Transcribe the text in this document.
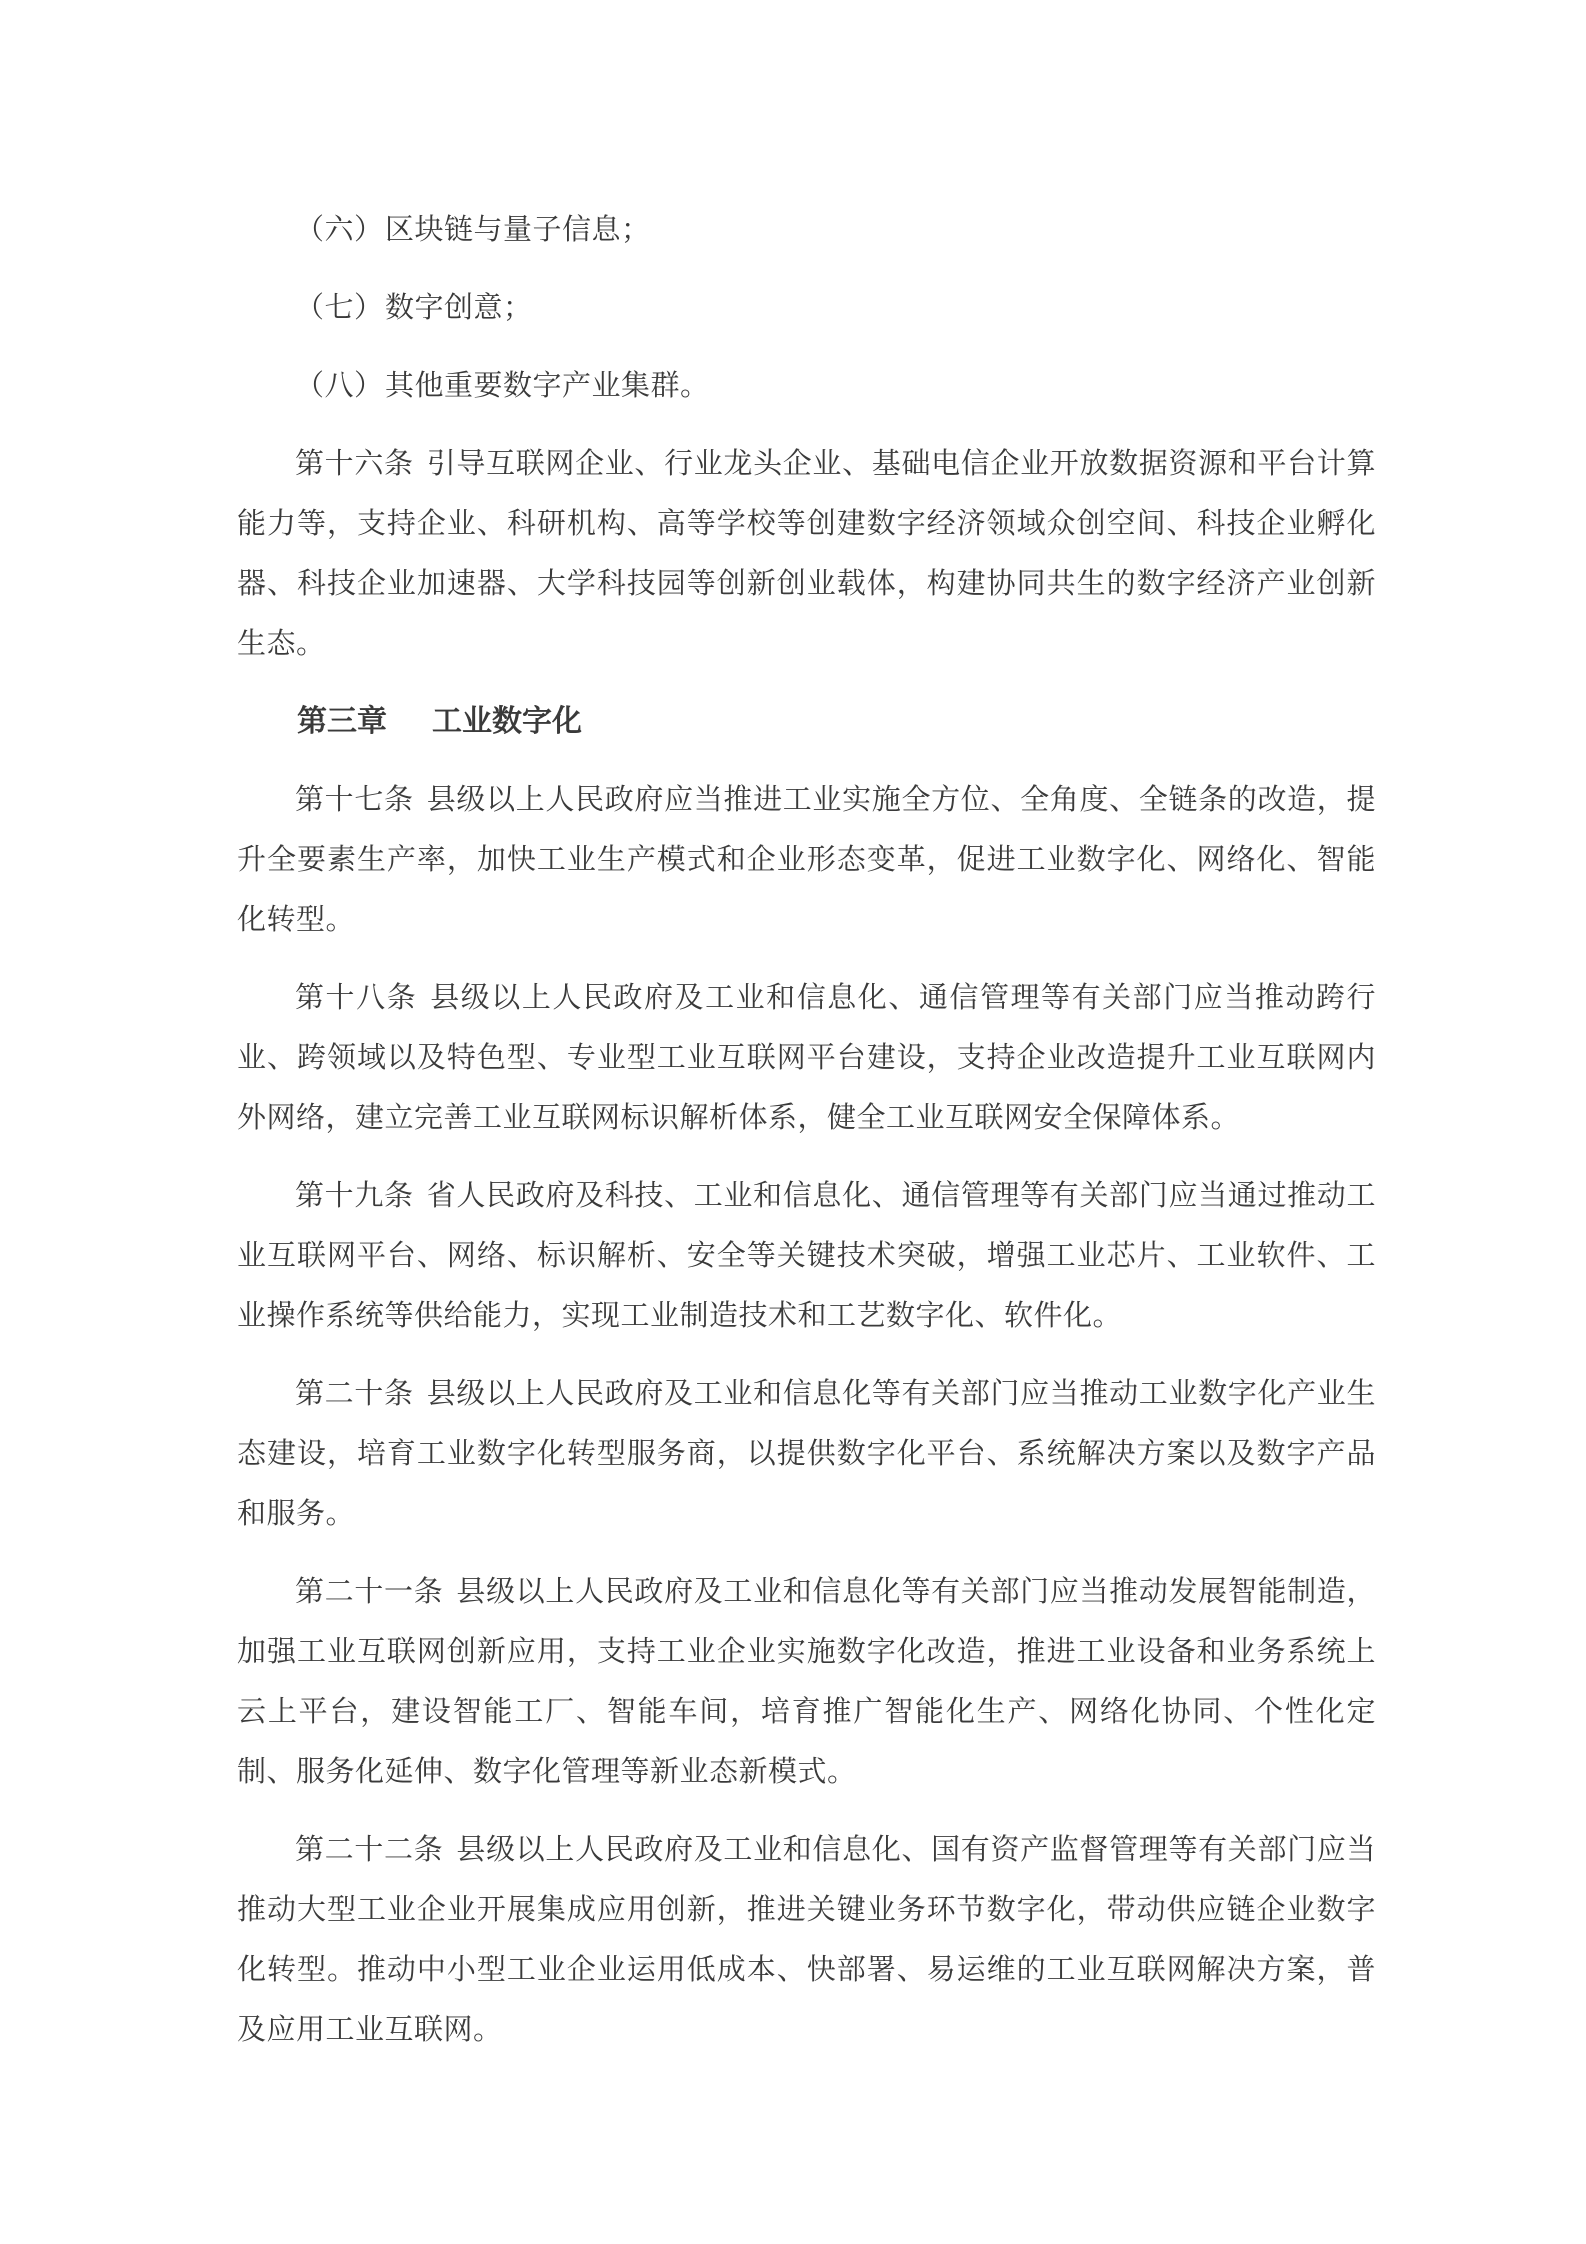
（六）区块链与量子信息；

（七）数字创意；

（八）其他重要数字产业集群。

第十六条 引导互联网企业、行业龙头企业、基础电信企业开放数据资源和平台计算能力等，支持企业、科研机构、高等学校等创建数字经济领域众创空间、科技企业孵化器、科技企业加速器、大学科技园等创新创业载体，构建协同共生的数字经济产业创新生态。

第三章 工业数字化

第十七条 县级以上人民政府应当推进工业实施全方位、全角度、全链条的改造，提升全要素生产率，加快工业生产模式和企业形态变革，促进工业数字化、网络化、智能化转型。

第十八条 县级以上人民政府及工业和信息化、通信管理等有关部门应当推动跨行业、跨领域以及特色型、专业型工业互联网平台建设，支持企业改造提升工业互联网内外网络，建立完善工业互联网标识解析体系，健全工业互联网安全保障体系。

第十九条 省人民政府及科技、工业和信息化、通信管理等有关部门应当通过推动工业互联网平台、网络、标识解析、安全等关键技术突破，增强工业芯片、工业软件、工业操作系统等供给能力，实现工业制造技术和工艺数字化、软件化。

第二十条 县级以上人民政府及工业和信息化等有关部门应当推动工业数字化产业生态建设，培育工业数字化转型服务商，以提供数字化平台、系统解决方案以及数字产品和服务。

第二十一条 县级以上人民政府及工业和信息化等有关部门应当推动发展智能制造，加强工业互联网创新应用，支持工业企业实施数字化改造，推进工业设备和业务系统上云上平台，建设智能工厂、智能车间，培育推广智能化生产、网络化协同、个性化定制、服务化延伸、数字化管理等新业态新模式。

第二十二条 县级以上人民政府及工业和信息化、国有资产监督管理等有关部门应当推动大型工业企业开展集成应用创新，推进关键业务环节数字化，带动供应链企业数字化转型。推动中小型工业企业运用低成本、快部署、易运维的工业互联网解决方案，普及应用工业互联网。
